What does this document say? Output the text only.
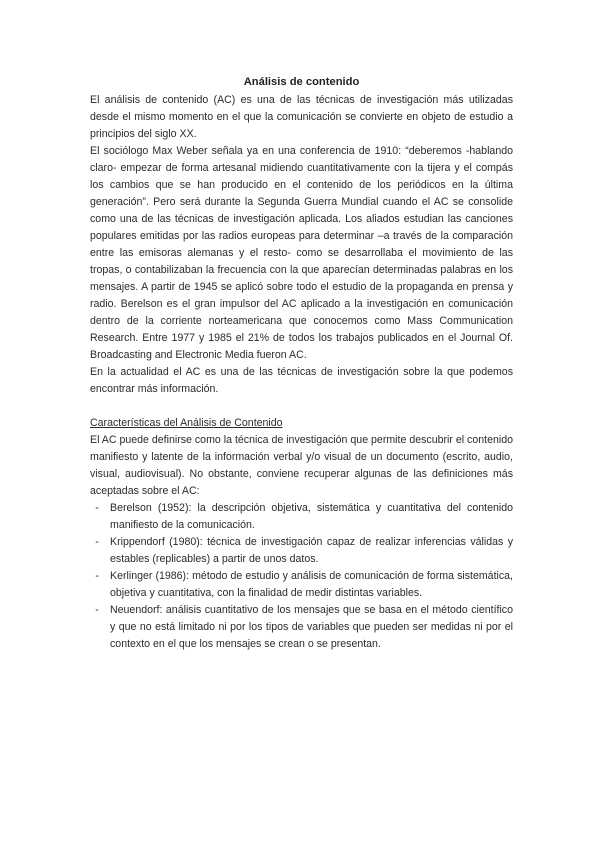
Análisis de contenido

El análisis de contenido (AC) es una de las técnicas de investigación más utilizadas desde el mismo momento en el que la comunicación se convierte en objeto de estudio a principios del siglo XX.

El sociólogo Max Weber señala ya en una conferencia de 1910: “deberemos -hablando claro- empezar de forma artesanal midiendo cuantitativamente con la tijera y el compás los cambios que se han producido en el contenido de los periódicos en la última generación”. Pero será durante la Segunda Guerra Mundial cuando el AC se consolide como una de las técnicas de investigación aplicada. Los aliados estudian las canciones populares emitidas por las radios europeas para determinar –a través de la comparación entre las emisoras alemanas y el resto- como se desarrollaba el movimiento de las tropas, o contabilizaban la frecuencia con la que aparecían determinadas palabras en los mensajes. A partir de 1945 se aplicó sobre todo el estudio de la propaganda en prensa y radio. Berelson es el gran impulsor del AC aplicado a la investigación en comunicación dentro de la corriente norteamericana que conocemos como Mass Communication Research. Entre 1977 y 1985 el 21% de todos los trabajos publicados en el Journal Of. Broadcasting and Electronic Media fueron AC.

En la actualidad el AC es una de las técnicas de investigación sobre la que podemos encontrar más información.

Características del Análisis de Contenido

El AC puede definirse como la técnica de investigación que permite descubrir el contenido manifiesto y latente de la información verbal y/o visual de un documento (escrito, audio, visual, audiovisual). No obstante, conviene recuperar algunas de las definiciones más aceptadas sobre el AC:

-	Berelson (1952): la descripción objetiva, sistemática y cuantitativa del contenido manifiesto de la comunicación.
-	Krippendorf (1980): técnica de investigación capaz de realizar inferencias válidas y estables (replicables) a partir de unos datos.
-	Kerlinger (1986): método de estudio y análisis de comunicación de forma sistemática, objetiva y cuantitativa, con la finalidad de medir distintas variables.
-	Neuendorf: análisis cuantitativo de los mensajes que se basa en el método científico y que no está limitado ni por los tipos de variables que pueden ser medidas ni por el contexto en el que los mensajes se crean o se presentan.
